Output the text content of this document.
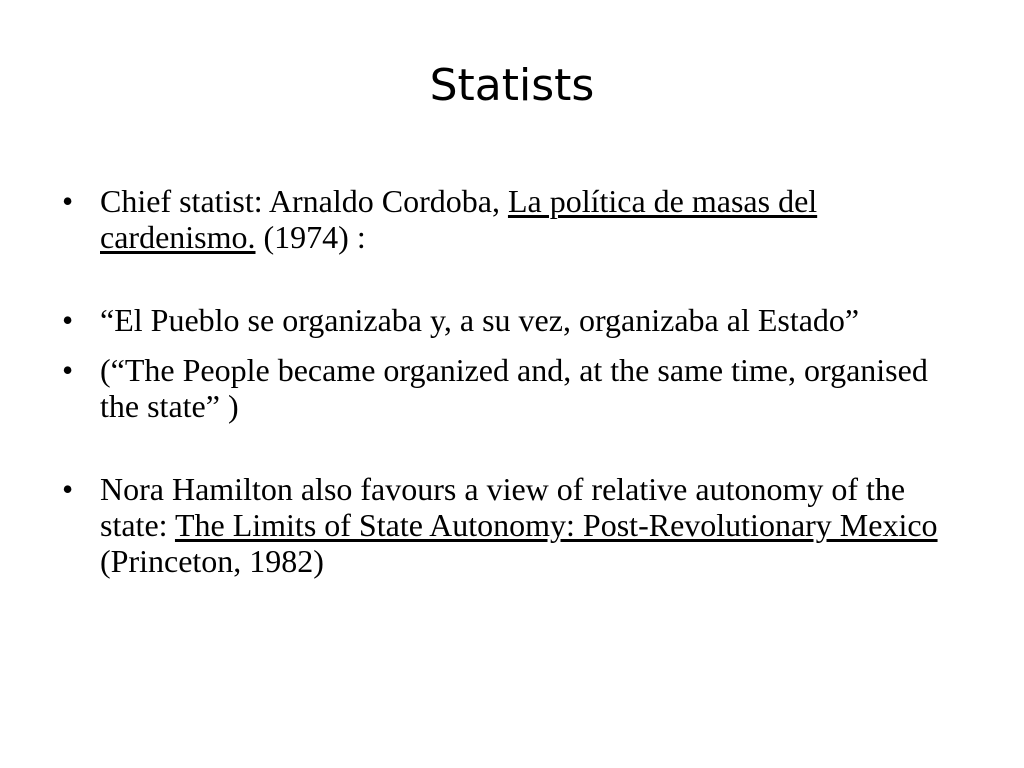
Statists
• Chief statist: Arnaldo Cordoba, La política de masas del cardenismo. (1974) :
• “El Pueblo se organizaba y, a su vez, organizaba al Estado”
• (“The People became organized and, at the same time, organised the state” )
• Nora Hamilton also favours a view of relative autonomy of the state: The Limits of State Autonomy: Post-Revolutionary Mexico (Princeton, 1982)
